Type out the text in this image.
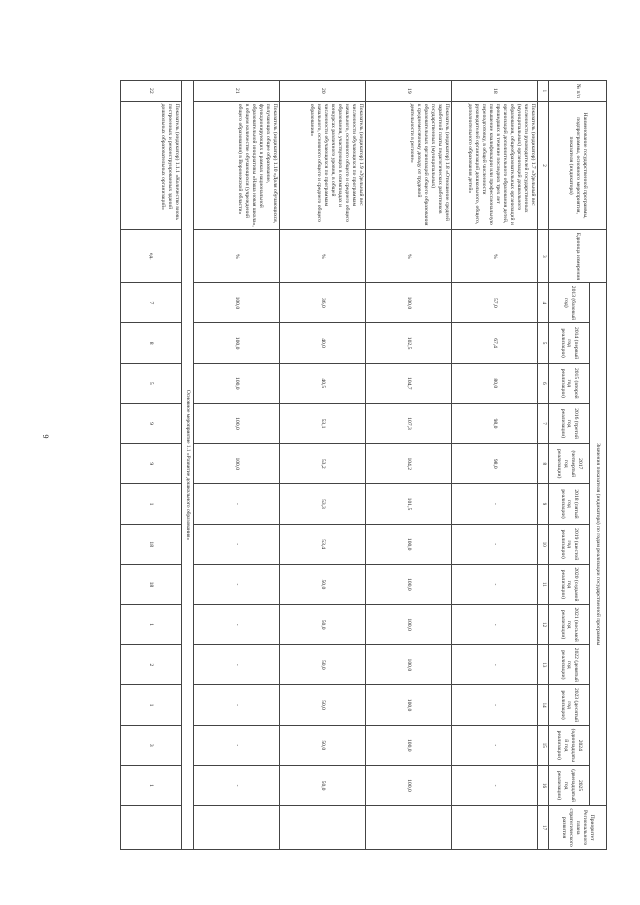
6
№ п/п	Наименование государственной программы, подпрограммы, основного мероприятия, показателя (индикатора)	Единица измерения	Значения показателя (индикатора) по годам реализации государственной программы													Приоритет Регионального плана стратегического развития
			2013 (базовый год)	2014 (первый год реализации)	2015 (второй год реализации)	2016 (третий год реализации)	2017 (четвертый год реализации)	2018 (пятый год реализации)	2019 (шестой год реализации)	2020 (седьмой год реализации)	2021 (восьмой год реализации)	2022 (девятый год реализации)	2023 (десятый год реализации)	2024 (одиннадцатый год реализации)	2025 (двенадцатый год реализации)	
1	2	3	4	5	6	7	8	9	10	11	12	13	14	15	16	17
18	Показатель (индикатор) 1.7 «Удельный вес численности руководителей государственных (муниципальных) организаций дошкольного образования, общеобразовательных организаций и организаций дополнительного образования детей, прошедших в течение последних трех лет повышение квалификации или профессиональную переподготовку, в общей численности руководителей организаций дошкольного, общего, дополнительного образования детей»	%	57,0	67,4	80,0	98,0	98,0	-	-	-	-	-	-	-	-	
19	Показатель (индикатор) 1.8 «Отношение средней заработной платы педагогических работников государственных (муниципальных) образовательных организаций общего образования к среднемесячному доходу от трудовой деятельности в регионе»	%	100,0	102,5	104,7	107,3	104,2	101,5	100,0	100,0	100,0	100,0	100,0	100,0	100,0	
20	Показатель (индикатор) 1.9 «Удельный вес численности обучающихся по программам начального, основного общего и среднего общего образования, участвующих в олимпиадах и конкурсах различного уровня, в общей численности обучающихся по программам начального, основного общего и среднего общего образования»	%	36,0	40,0	40,5	53,1	53,2	53,3	53,4	50,0	50,0	50,0	50,0	50,0	50,0	
21	Показатель (индикатор) 1.10 «Доля обучающихся, получающих общее образование, функционирующих в рамках национальной образовательной инициативы «Наша новая школа», в общем количестве обучающихся (учреждений общего образования) в Воронежской области»	%	100,0	100,0	100,0	100,0	100,0	-	-	-	-	-	-	-	-	
Основное мероприятие 1.1 «Развитие дошкольного образования»																
22	Показатель (индикатор) 1.1.1 «Количество вновь построенных и реконструированных зданий дошкольных образовательных организаций»	ед.	7	8	5	9	9	1	18	18	1	2	1	3	1	
